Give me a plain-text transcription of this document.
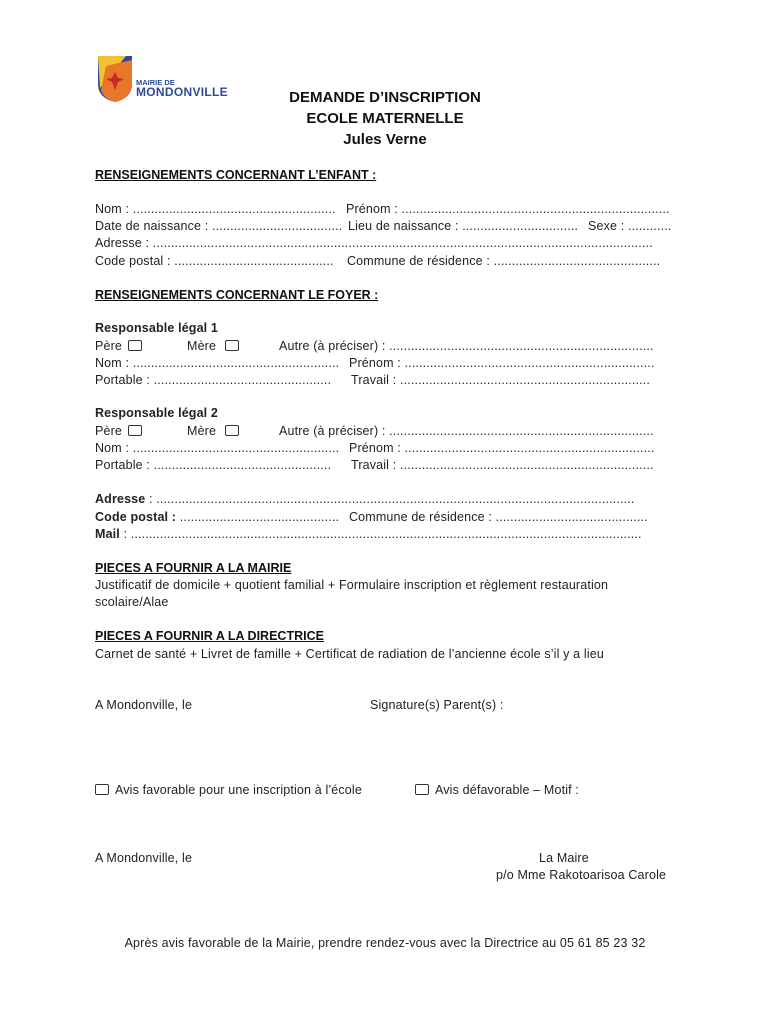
MAIRIE DE
MONDONVILLE	DEMANDE D’INSCRIPTION
ECOLE MATERNELLE
Jules Verne
RENSEIGNEMENTS CONCERNANT L’ENFANT :
Nom : ........................................................ Prénom : ..........................................................................
Date de naissance : .................................... Lieu de naissance : ................................ Sexe : ............
Adresse : ..........................................................................................................................................
Code postal : ............................................ Commune de résidence : ..............................................
RENSEIGNEMENTS CONCERNANT LE FOYER :
Responsable légal 1
Père	Mère	Autre (à préciser) : .........................................................................
Nom : ......................................................... Prénom : .....................................................................
Portable : ................................................. Travail : .....................................................................
Responsable légal 2
Père	Mère	Autre (à préciser) : .........................................................................
Nom : ......................................................... Prénom : .....................................................................
Portable : ................................................. Travail : ......................................................................
Adresse : ....................................................................................................................................
Code postal : ............................................ Commune de résidence : ..........................................
Mail : .............................................................................................................................................
PIECES A FOURNIR A LA MAIRIE
Justificatif de domicile + quotient familial + Formulaire inscription et règlement restauration
scolaire/Alae
PIECES A FOURNIR A LA DIRECTRICE
Carnet de santé + Livret de famille + Certificat de radiation de l’ancienne école s’il y a lieu
A Mondonville, le	Signature(s) Parent(s) :
Avis favorable pour une inscription à l’école	Avis défavorable – Motif :
A Mondonville, le	La Maire
p/o Mme Rakotoarisoa Carole
Après avis favorable de la Mairie, prendre rendez-vous avec la Directrice au 05 61 85 23 32
